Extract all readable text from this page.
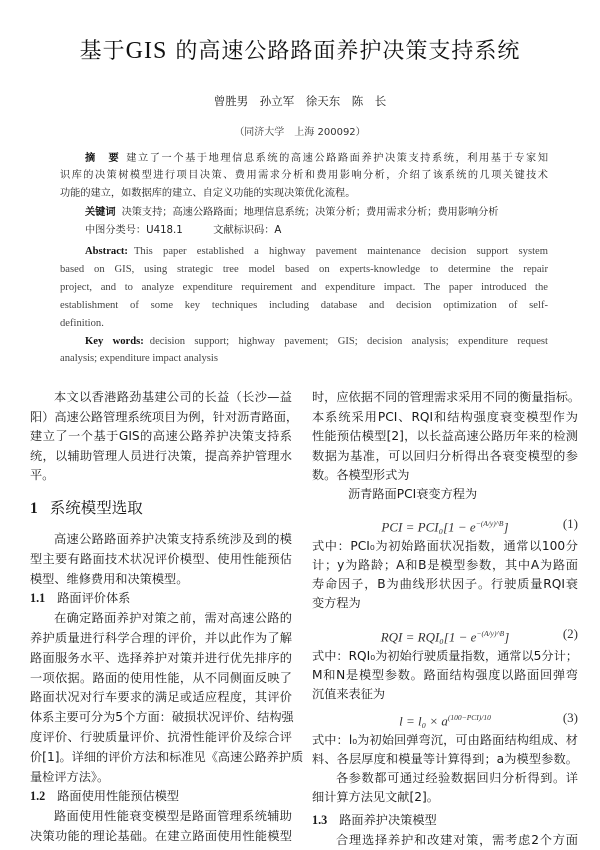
基于GIS 的高速公路路面养护决策支持系统
曾胜男　孙立军　徐天东　陈　长
（同济大学　上海 200092）
摘　要 建立了一个基于地理信息系统的高速公路路面养护决策支持系统，利用基于专家知
识库的决策树模型进行项目决策、费用需求分析和费用影响分析，介绍了该系统的几项关键技术
功能的建立，如数据库的建立、自定义功能的实现决策优化流程。
关键词 决策支持；高速公路路面；地理信息系统；决策分析；费用需求分析；费用影响分析
中图分类号：U418.1　　　文献标识码：A
Abstract: This paper established a highway pavement maintenance decision support system
based on GIS, using strategic tree model based on experts-knowledge to determine the repair
project, and to analyze expenditure requirement and expenditure impact. The paper introduced the
establishment of some key techniques including database and decision optimization of self-
definition.
Key words: decision support; highway pavement; GIS; decision analysis; expenditure request
analysis; expenditure impact analysis
PCI = $PCI_0[1 - e^{-(A/y)\^{}B}]$	(1)
RQI = $RQI_0[1 - e^{-(A/y)\^{}B}]$	(2)
$l = l_0 \times a^{(100-PCI)/10}$	(3)
本文以香港路劲基建公司的长益（长沙—益
阳）高速公路管理系统项目为例，针对沥青路面，
建立了一个基于GIS的高速公路养护决策支持系
统，以辅助管理人员进行决策，提高养护管理水
平。
1 系统模型选取
高速公路路面养护决策支持系统涉及到的模
型主要有路面技术状况评价模型、使用性能预估
模型、维修费用和决策模型。
1.1 路面评价体系
在确定路面养护对策之前，需对高速公路的
养护质量进行科学合理的评价，并以此作为了解
路面服务水平、选择养护对策并进行优先排序的
一项依据。路面的使用性能，从不同侧面反映了
路面状况对行车要求的满足或适应程度，其评价
体系主要可分为5个方面：破损状况评价、结构强
度评价、行驶质量评价、抗滑性能评价及综合评
价[1]。详细的评价方法和标准见《高速公路养护质
量检评方法》。
1.2 路面使用性能预估模型
路面使用性能衰变模型是路面管理系统辅助
决策功能的理论基础。在建立路面使用性能模型
时，应依据不同的管理需求采用不同的衡量指标。
本系统采用PCI、RQI和结构强度衰变模型作为
性能预估模型[2]，以长益高速公路历年来的检测
数据为基准，可以回归分析得出各衰变模型的参
数。各模型形式为
沥青路面PCI衰变方程为
式中：PCI₀为初始路面状况指数，通常以100分
计；y为路龄；A和B是模型参数，其中A为路面
寿命因子，B为曲线形状因子。行驶质量RQI衰
变方程为
式中：RQI₀为初始行驶质量指数，通常以5分计；
M和N是模型参数。路面结构强度以路面回弹弯
沉值来表征为
式中：l₀为初始回弹弯沉，可由路面结构组成、材
料、各层厚度和模量等计算得到；a为模型参数。
各参数都可通过经验数据回归分析得到。详
细计算方法见文献[2]。
1.3 路面养护决策模型
合理选择养护和改建对策，需考虑2个方面
